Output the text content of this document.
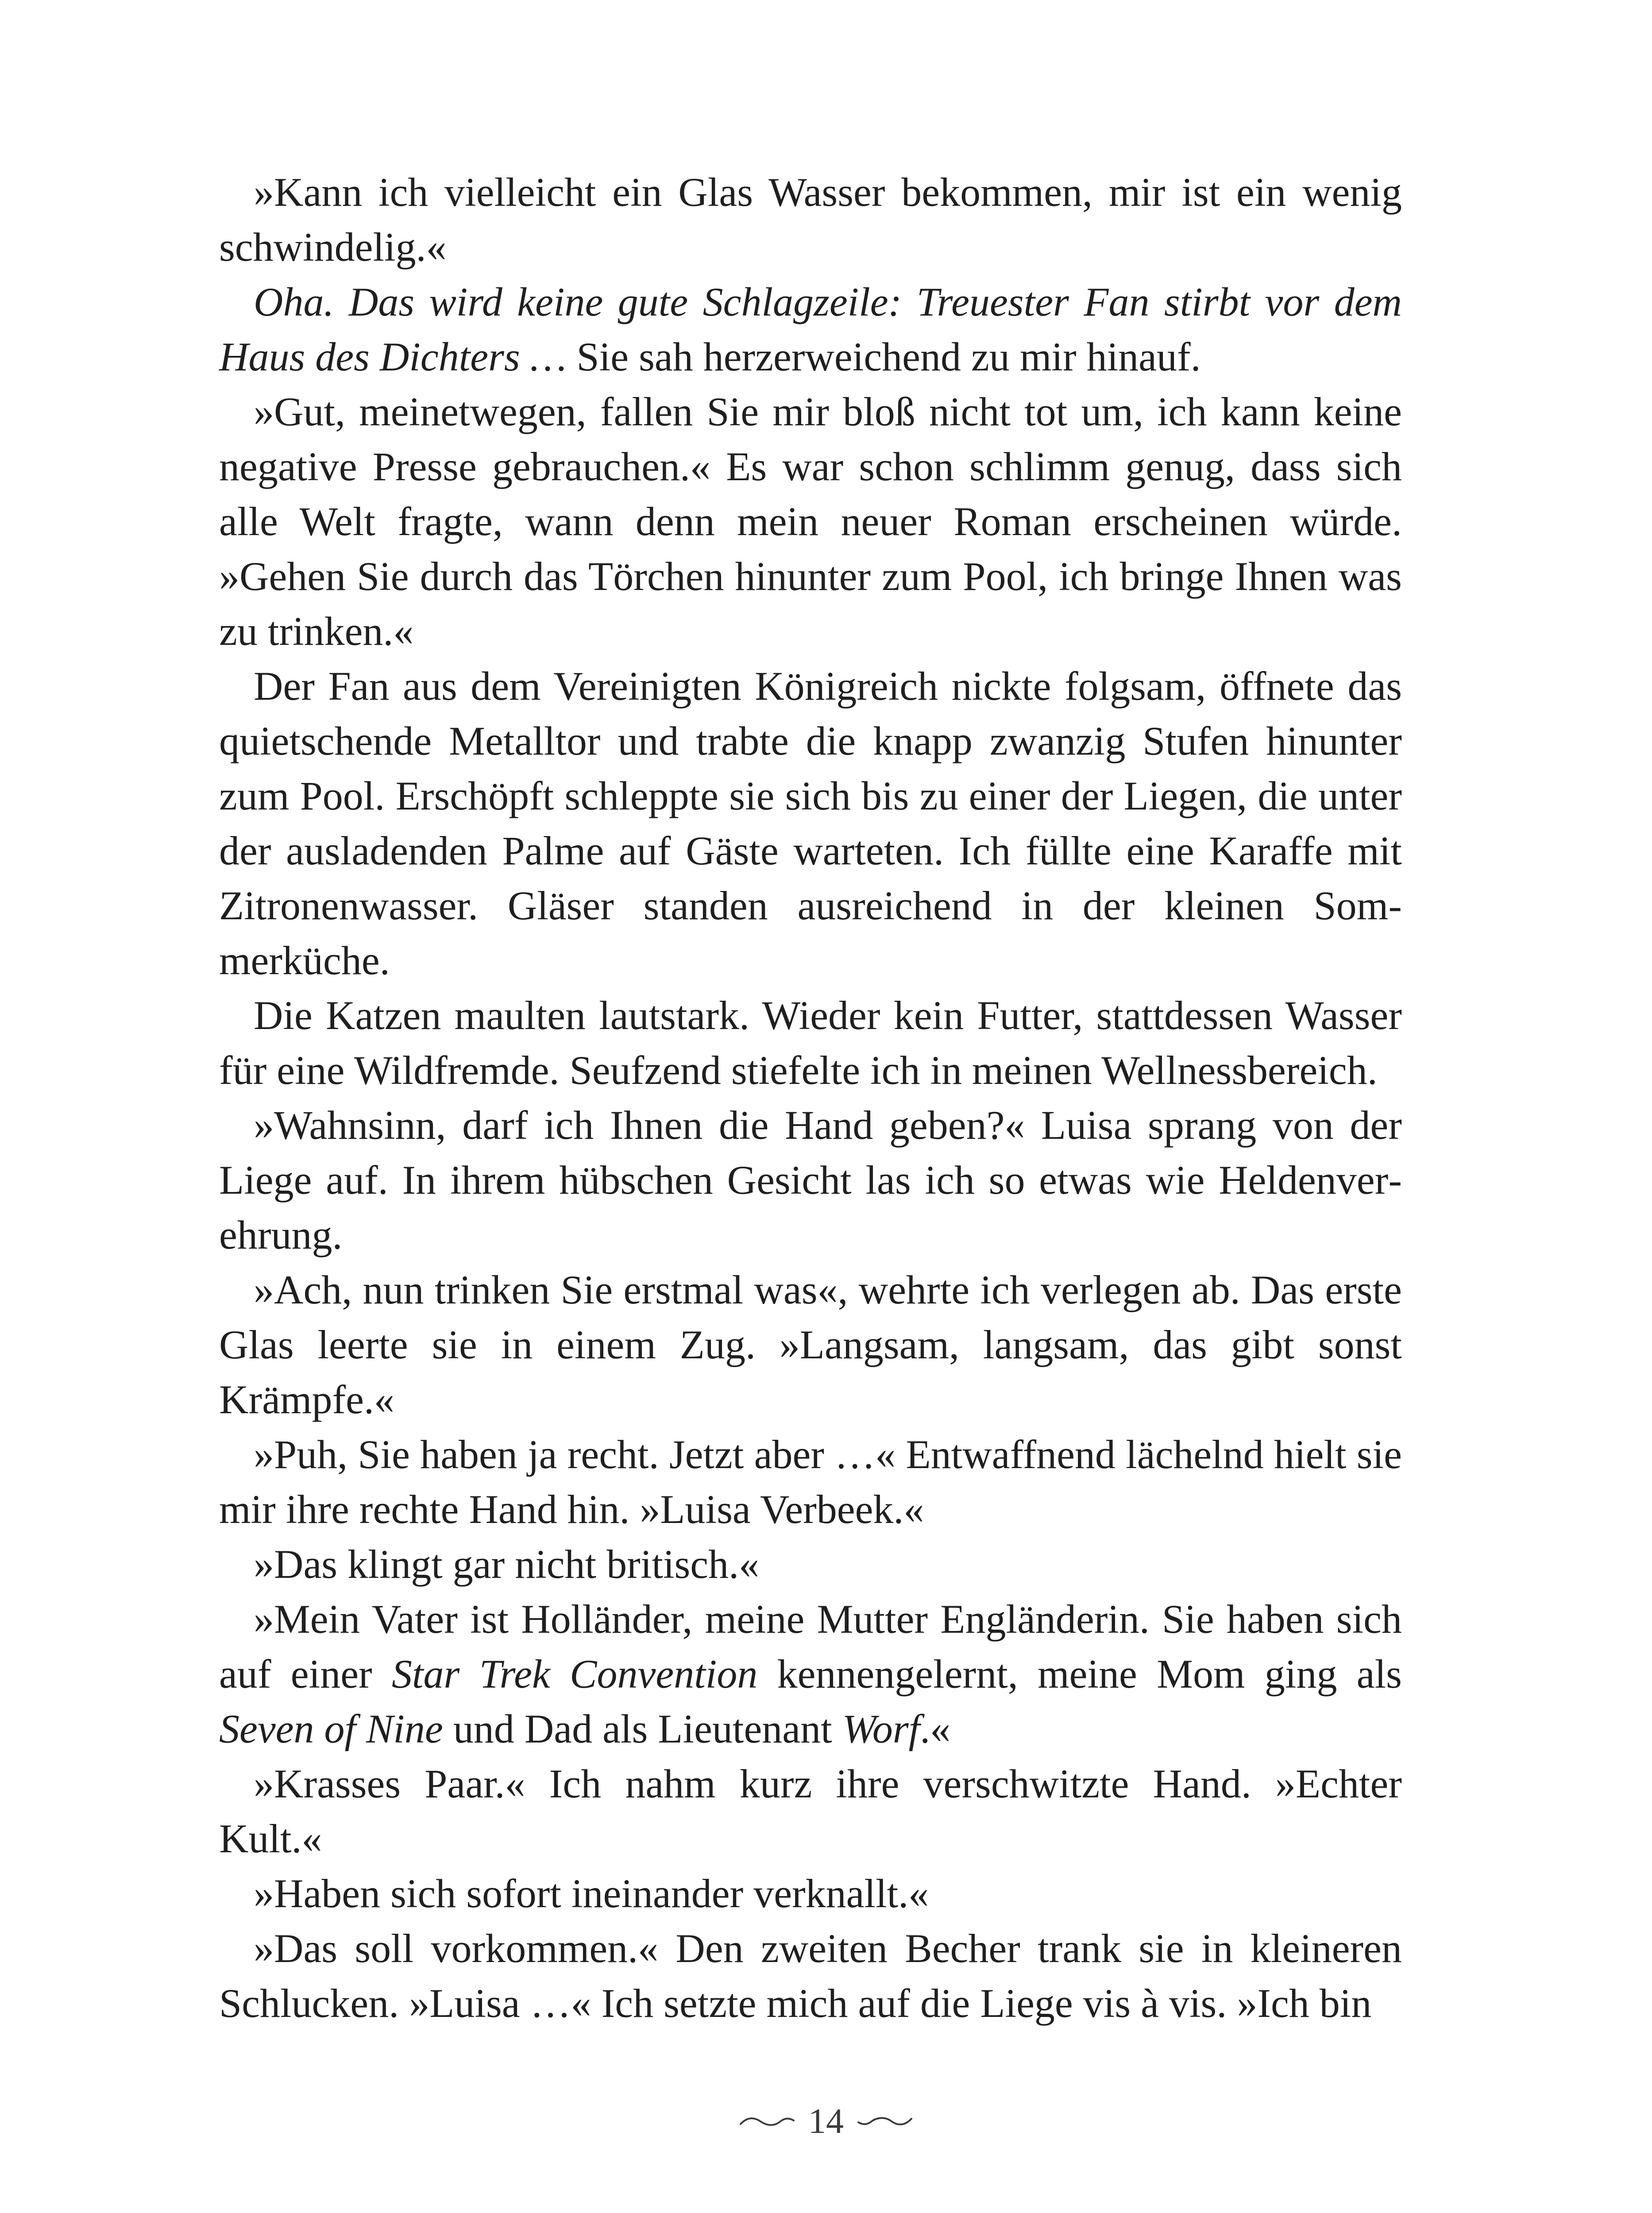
»Kann ich vielleicht ein Glas Wasser bekommen, mir ist ein wenig schwindelig.«

Oha. Das wird keine gute Schlagzeile: Treuester Fan stirbt vor dem Haus des Dichters … Sie sah herzerweichend zu mir hinauf.

»Gut, meinetwegen, fallen Sie mir bloß nicht tot um, ich kann keine negative Presse gebrauchen.« Es war schon schlimm genug, dass sich alle Welt fragte, wann denn mein neuer Roman erscheinen würde. »Gehen Sie durch das Törchen hinunter zum Pool, ich bringe Ihnen was zu trinken.«

Der Fan aus dem Vereinigten Königreich nickte folgsam, öffnete das quietschende Metalltor und trabte die knapp zwanzig Stufen hinunter zum Pool. Erschöpft schleppte sie sich bis zu einer der Liegen, die unter der ausladenden Palme auf Gäste warteten. Ich füllte eine Karaffe mit Zitronenwasser. Gläser standen ausreichend in der kleinen Sommerküche.

Die Katzen maulten lautstark. Wieder kein Futter, stattdessen Wasser für eine Wildfremde. Seufzend stiefelte ich in meinen Wellnessbereich.

»Wahnsinn, darf ich Ihnen die Hand geben?« Luisa sprang von der Liege auf. In ihrem hübschen Gesicht las ich so etwas wie Heldenverehrung.

»Ach, nun trinken Sie erstmal was«, wehrte ich verlegen ab. Das erste Glas leerte sie in einem Zug. »Langsam, langsam, das gibt sonst Krämpfe.«

»Puh, Sie haben ja recht. Jetzt aber …« Entwaffnend lächelnd hielt sie mir ihre rechte Hand hin. »Luisa Verbeek.«

»Das klingt gar nicht britisch.«

»Mein Vater ist Holländer, meine Mutter Engländerin. Sie haben sich auf einer Star Trek Convention kennengelernt, meine Mom ging als Seven of Nine und Dad als Lieutenant Worf.«

»Krasses Paar.« Ich nahm kurz ihre verschwitzte Hand. »Echter Kult.«

»Haben sich sofort ineinander verknallt.«

»Das soll vorkommen.« Den zweiten Becher trank sie in kleineren Schlucken. »Luisa …« Ich setzte mich auf die Liege vis à vis. »Ich bin

14
